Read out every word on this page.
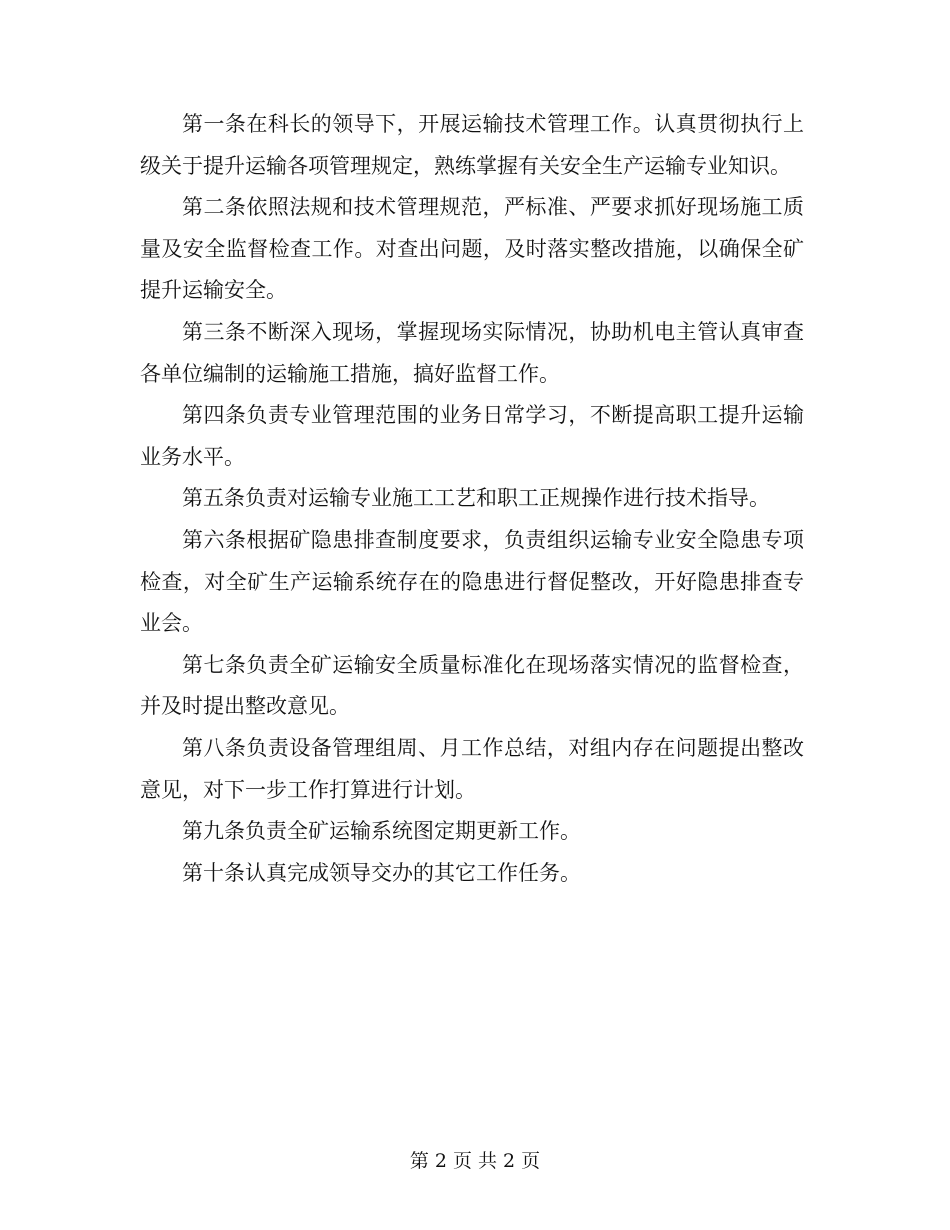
第一条在科长的领导下，开展运输技术管理工作。认真贯彻执行上级关于提升运输各项管理规定，熟练掌握有关安全生产运输专业知识。

第二条依照法规和技术管理规范，严标准、严要求抓好现场施工质量及安全监督检查工作。对查出问题，及时落实整改措施，以确保全矿提升运输安全。

第三条不断深入现场，掌握现场实际情况，协助机电主管认真审查各单位编制的运输施工措施，搞好监督工作。

第四条负责专业管理范围的业务日常学习，不断提高职工提升运输业务水平。

第五条负责对运输专业施工工艺和职工正规操作进行技术指导。

第六条根据矿隐患排查制度要求，负责组织运输专业安全隐患专项检查，对全矿生产运输系统存在的隐患进行督促整改，开好隐患排查专业会。

第七条负责全矿运输安全质量标准化在现场落实情况的监督检查，并及时提出整改意见。

第八条负责设备管理组周、月工作总结，对组内存在问题提出整改意见，对下一步工作打算进行计划。

第九条负责全矿运输系统图定期更新工作。

第十条认真完成领导交办的其它工作任务。

第 2 页 共 2 页
